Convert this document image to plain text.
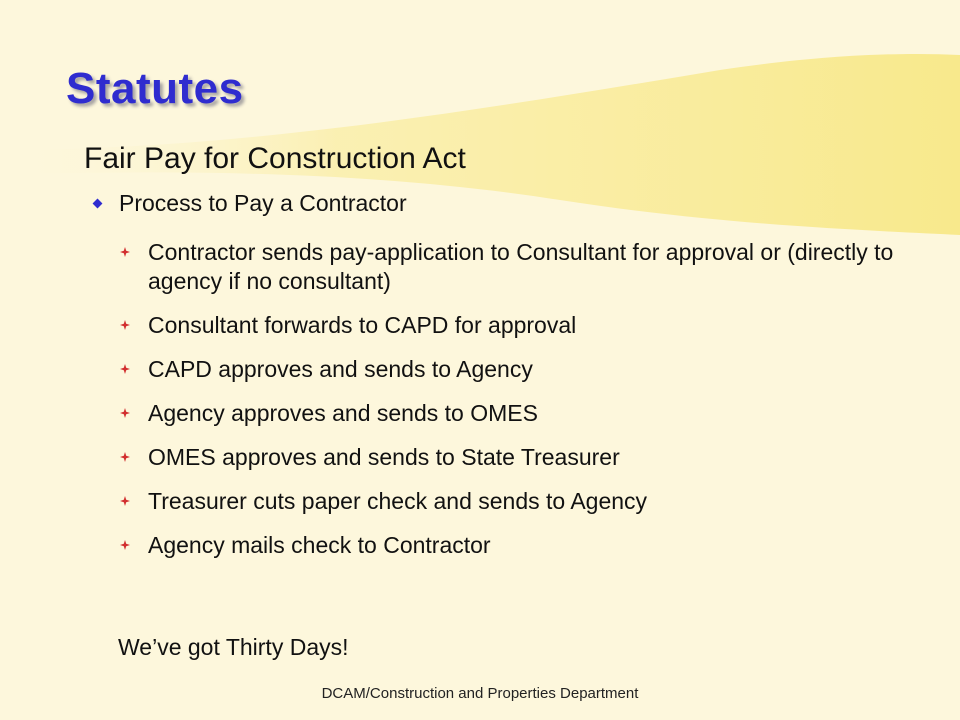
Statutes
Fair Pay for Construction Act
Process to Pay a Contractor
Contractor sends pay-application to Consultant for approval or (directly to agency if no consultant)
Consultant forwards to CAPD for approval
CAPD approves and sends to Agency
Agency approves and sends to OMES
OMES approves and sends to State Treasurer
Treasurer cuts paper check and sends to Agency
Agency mails check to Contractor
We’ve got Thirty Days!
DCAM/Construction and Properties Department
